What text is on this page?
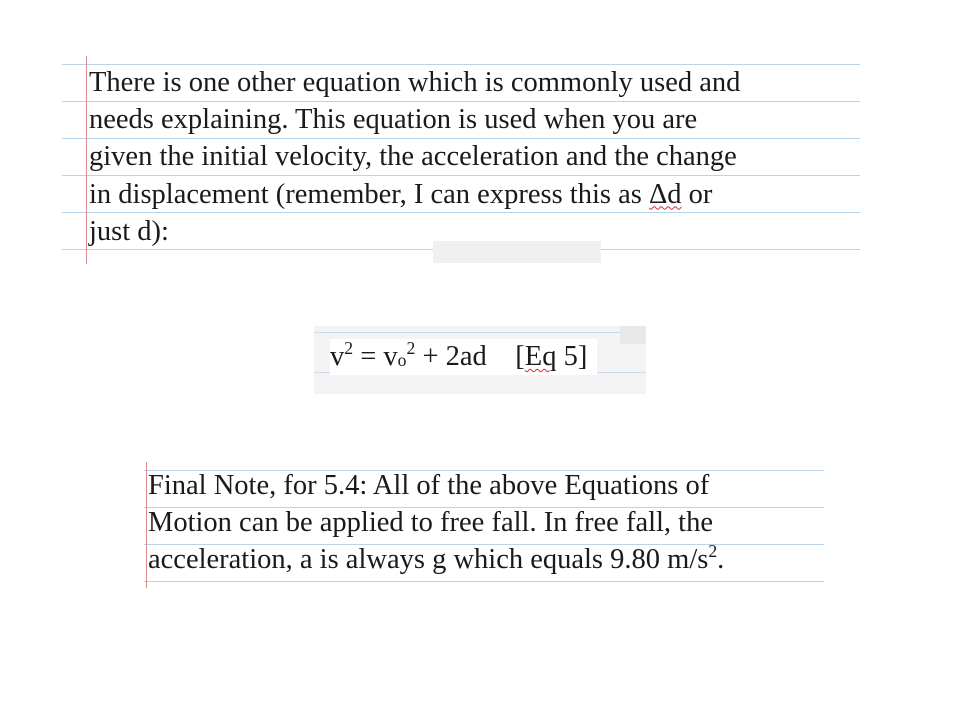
There is one other equation which is commonly used and
needs explaining. This equation is used when you are
given the initial velocity, the acceleration and the change
in displacement (remember, I can express this as Δd or
just d):
$v^2 = v_o^2 + 2ad$    [Eq 5]
Final Note, for 5.4: All of the above Equations of
Motion can be applied to free fall. In free fall, the
acceleration, a is always g which equals 9.80 $m/s^2$.
